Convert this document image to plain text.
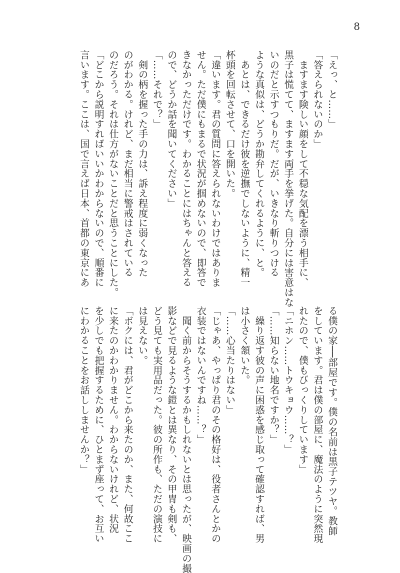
8

「えっ、と……」

「答えられないのか」

　ますます険しい顔をして不穏な気配を漂う相手に、

黒子は慌てて、ますます両手を挙げた。自分には害意はな

いのだと示すつもりだ。だが、いきなり斬りつける

ような真似は、どうか勘弁してくれるように、と。

　あとは、できるだけ彼を逆撫でしないように、精一

杯頭を回転させて、口を開いた。

「違います。君の質問に答えられないわけではありま

せん。ただ僕にもまるで状況が掴めないので、即答で

きなかっただけです。わかることにはちゃんと答える

ので、どうか話を聞いてください」

「……それで？」

　剣の柄を握った手の力は、訴え程度に弱くなった

のがわかる。けれど、まだ相当に警戒はされている

のだろう。それは仕方がないことだと思うことにした。

「どこから説明すればいいかわからないので、順番に

言います。ここは、国で言えば日本、首都の東京にあ

る僕の家──部屋です。僕の名前は黒子テツヤ。教師

をしています。君は僕の部屋に、魔法のように突然現

れたので、僕もびっくりしています」

「ニホン……トウキョウ……？」

「……知らない地名ですか？」

　繰り返す彼の声に困惑を感じ取って確認すれば、男

は小さく頷いた。

「……心当たりはない」

「じゃあ、やっぱり君のその格好は、役者さんとかの

衣装ではないんですね……？」

　聞く前からそうするかもしれないとは思ったが、映画の撮

影などで見るような鎧とは異なり、その甲冑も剣も、

どう見ても実用品だった。彼の所作も、ただの演技に

は見えない。

「ボクには、君がどこから来たのか、また、何故ここ

に来たのかわかりません。わからないけれど、状況

を少しでも把握するために、ひとまず座って、お互い

にわかることをお話ししませんか？」
